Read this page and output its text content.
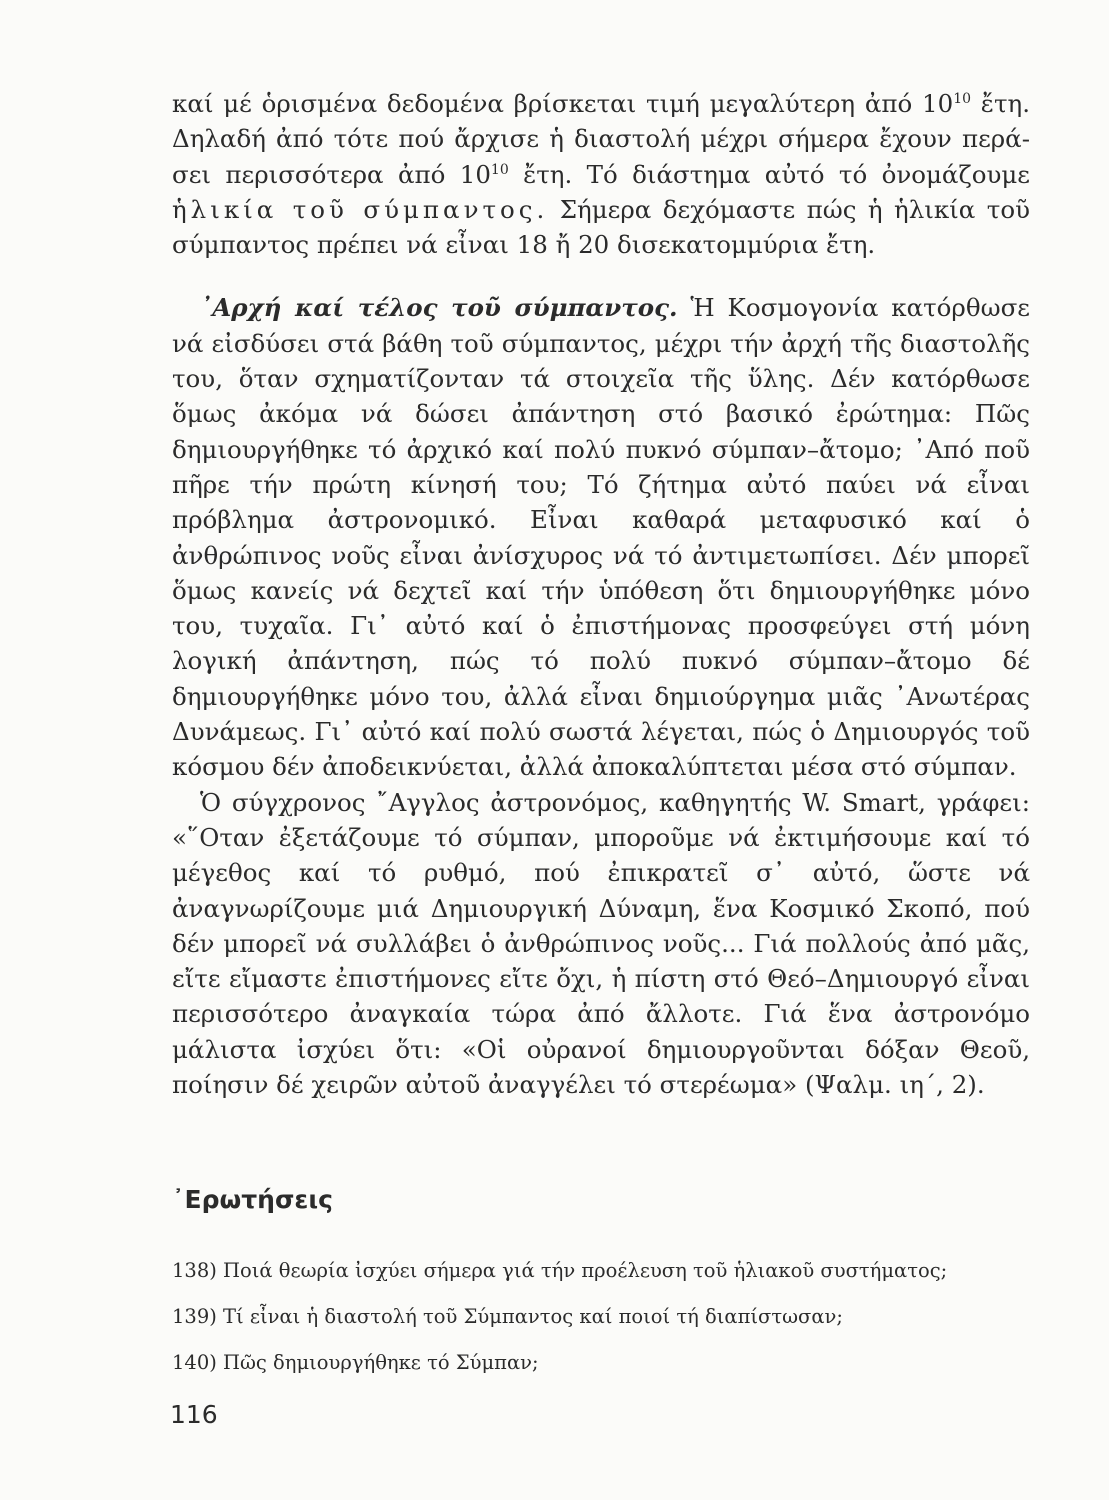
καί μέ ὁρισμένα δεδομένα βρίσκεται τιμή μεγαλύτερη ἀπό $10^{10}$ ἔτη. Δηλαδή ἀπό τότε πού ἄρχισε ἡ διαστολή μέχρι σήμερα ἔχουν περά- σει περισσότερα ἀπό $10^{10}$ ἔτη. Τό διάστημα αὐτό τό ὀνομάζουμε ἡλικία τοῦ σύμπαντος. Σήμερα δεχόμαστε πώς ἡ ἡλικία τοῦ σύμπαντος πρέπει νά εἶναι 18 ἤ 20 δισεκατομμύρια ἔτη.

᾿Αρχή καί τέλος τοῦ σύμπαντος. Ἡ Κοσμογονία κατόρθωσε νά εἰσδύσει στά βάθη τοῦ σύμπαντος, μέχρι τήν ἀρχή τῆς διαστολῆς του, ὅταν σχηματίζονταν τά στοιχεῖα τῆς ὕλης. Δέν κατόρθωσε ὅμως ἀκόμα νά δώσει ἀπάντηση στό βασικό ἐρώτημα: Πῶς δημιουργήθηκε τό ἀρχικό καί πολύ πυκνό σύμπαν–ἄτομο; ᾿Από ποῦ πῆρε τήν πρώτη κίνησή του; Τό ζήτημα αὐτό παύει νά εἶναι πρόβλημα ἀστρονομικό. Εἶναι καθαρά μεταφυσικό καί ὁ ἀνθρώπινος νοῦς εἶναι ἀνίσχυρος νά τό ἀντιμετωπίσει. Δέν μπορεῖ ὅμως κανείς νά δεχτεῖ καί τήν ὑπόθεση ὅτι δημιουργήθηκε μόνο του, τυχαῖα. Γι᾿ αὐτό καί ὁ ἐπιστήμονας προσφεύγει στή μόνη λογική ἀπάντηση, πώς τό πολύ πυκνό σύμπαν–ἄτομο δέ δημιουργήθηκε μόνο του, ἀλλά εἶναι δημιούργημα μιᾶς ᾿Ανωτέρας Δυνάμεως. Γι᾿ αὐτό καί πολύ σωστά λέγεται, πώς ὁ Δημιουργός τοῦ κόσμου δέν ἀποδεικνύεται, ἀλλά ἀποκαλύπτεται μέσα στό σύμπαν.

Ὁ σύγχρονος ῎Αγγλος ἀστρονόμος, καθηγητής W. Smart, γράφει: «῞Οταν ἐξετάζουμε τό σύμπαν, μποροῦμε νά ἐκτιμήσουμε καί τό μέγεθος καί τό ρυθμό, πού ἐπικρατεῖ σ᾿ αὐτό, ὥστε νά ἀναγνωρίζουμε μιά Δημιουργική Δύναμη, ἕνα Κοσμικό Σκοπό, πού δέν μπορεῖ νά συλλάβει ὁ ἀνθρώπινος νοῦς... Γιά πολλούς ἀπό μᾶς, εἴτε εἴμαστε ἐπιστήμονες εἴτε ὄχι, ἡ πίστη στό Θεό–Δημιουργό εἶναι περισσότερο ἀναγκαία τώρα ἀπό ἄλλοτε. Γιά ἕνα ἀστρονόμο μάλιστα ἰσχύει ὅτι: «Οἱ οὐρανοί δημιουργοῦνται δόξαν Θεοῦ, ποίησιν δέ χειρῶν αὐτοῦ ἀναγγέλει τό στερέωμα» (Ψαλμ. ιη΄, 2).

᾿Ερωτήσεις
138) Ποιά θεωρία ἰσχύει σήμερα γιά τήν προέλευση τοῦ ἡλιακοῦ συστήματος;
139) Τί εἶναι ἡ διαστολή τοῦ Σύμπαντος καί ποιοί τή διαπίστωσαν;
140) Πῶς δημιουργήθηκε τό Σύμπαν;
116
